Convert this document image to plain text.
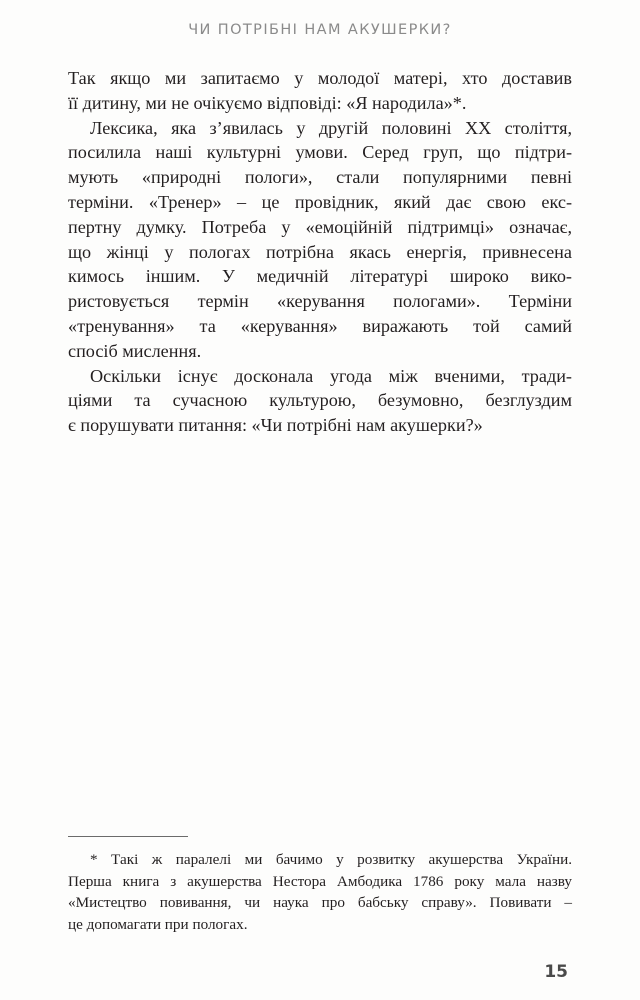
ЧИ ПОТРІБНІ НАМ АКУШЕРКИ?
Так якщо ми запитаємо у молодої матері, хто доставив
її дитину, ми не очікуємо відповіді: «Я народила»*.
Лексика, яка з’явилась у другій половині XX століття,
посилила наші культурні умови. Серед груп, що підтри-
мують «природні пологи», стали популярними певні
терміни. «Тренер» – це провідник, який дає свою екс-
пертну думку. Потреба у «емоційній підтримці» означає,
що жінці у пологах потрібна якась енергія, привнесена
кимось іншим. У медичній літературі широко вико-
ристовується термін «керування пологами». Терміни
«тренування» та «керування» виражають той самий
спосіб мислення.
Оскільки існує досконала угода між вченими, тради-
ціями та сучасною культурою, безумовно, безглуздим
є порушувати питання: «Чи потрібні нам акушерки?»
* Такі ж паралелі ми бачимо у розвитку акушерства України.
Перша книга з акушерства Нестора Амбодика 1786 року мала назву
«Мистецтво повивання, чи наука про бабську справу». Повивати –
це допомагати при пологах.
15
